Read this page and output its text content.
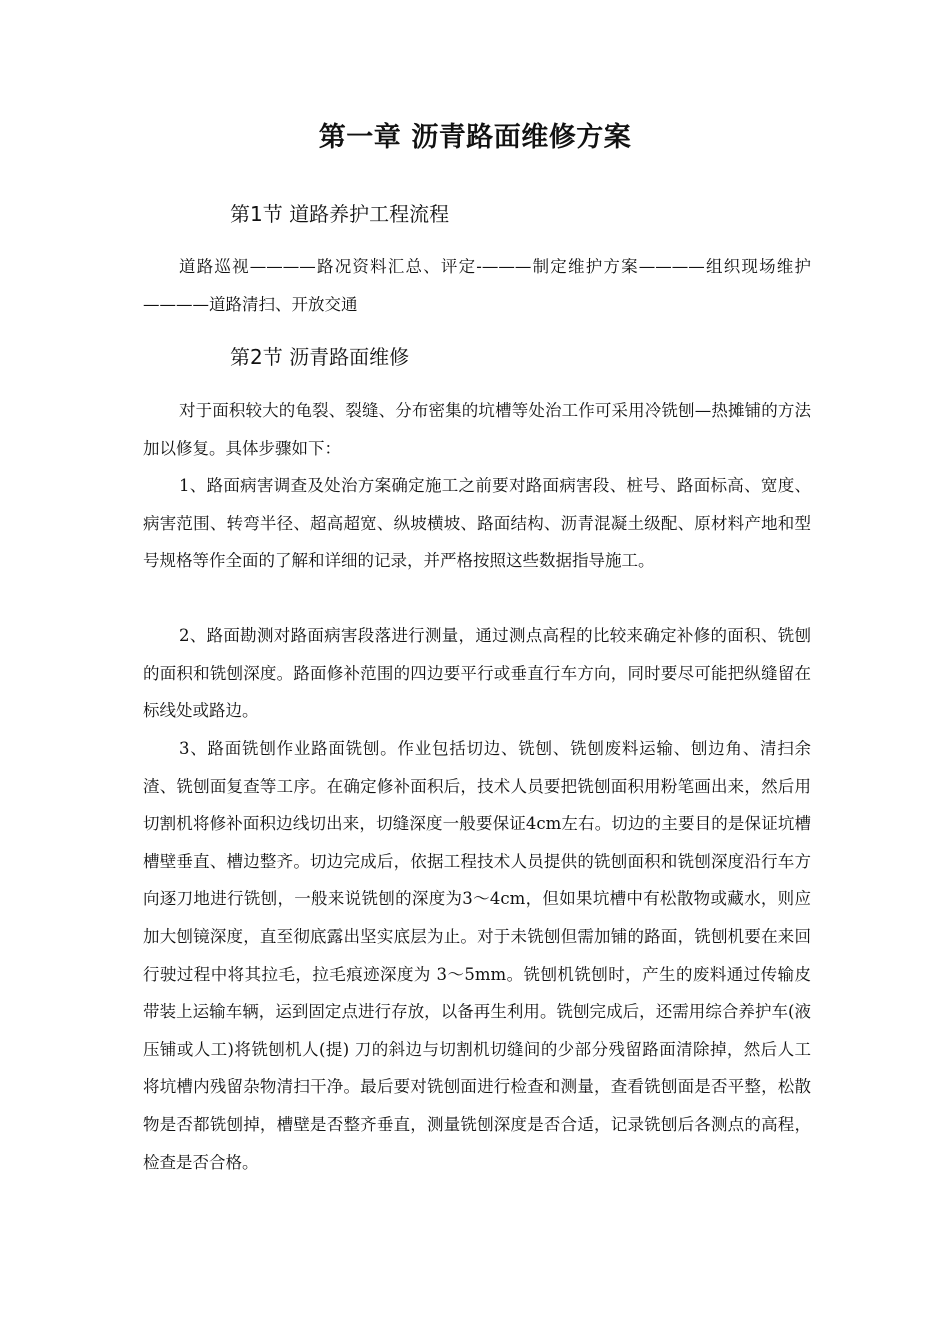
第一章 沥青路面维修方案
第1节 道路养护工程流程

道路巡视————路况资料汇总、评定-———制定维护方案————组织现场维护————道路清扫、开放交通

第2节 沥青路面维修

对于面积较大的龟裂、裂缝、分布密集的坑槽等处治工作可采用冷铣刨—热摊铺的方法加以修复。具体步骤如下：

1、路面病害调查及处治方案确定施工之前要对路面病害段、桩号、路面标高、宽度、病害范围、转弯半径、超高超宽、纵坡横坡、路面结构、沥青混凝土级配、原材料产地和型号规格等作全面的了解和详细的记录，并严格按照这些数据指导施工。

2、路面勘测对路面病害段落进行测量，通过测点高程的比较来确定补修的面积、铣刨的面积和铣刨深度。路面修补范围的四边要平行或垂直行车方向，同时要尽可能把纵缝留在标线处或路边。

3、路面铣刨作业路面铣刨。作业包括切边、铣刨、铣刨废料运输、刨边角、清扫余渣、铣刨面复查等工序。在确定修补面积后，技术人员要把铣刨面积用粉笔画出来，然后用切割机将修补面积边线切出来，切缝深度一般要保证4cm左右。切边的主要目的是保证坑槽槽壁垂直、槽边整齐。切边完成后，依据工程技术人员提供的铣刨面积和铣刨深度沿行车方向逐刀地进行铣刨，一般来说铣刨的深度为3～4cm，但如果坑槽中有松散物或藏水，则应加大刨镜深度，直至彻底露出坚实底层为止。对于未铣刨但需加铺的路面，铣刨机要在来回行驶过程中将其拉毛，拉毛痕迹深度为 3～5mm。铣刨机铣刨时，产生的废料通过传输皮带装上运输车辆，运到固定点进行存放，以备再生利用。铣刨完成后，还需用综合养护车(液压铺或人工)将铣刨机人(提) 刀的斜边与切割机切缝间的少部分残留路面清除掉，然后人工将坑槽内残留杂物清扫干净。最后要对铣刨面进行检查和测量，查看铣刨面是否平整，松散物是否都铣刨掉，槽壁是否整齐垂直，测量铣刨深度是否合适，记录铣刨后各测点的高程，检查是否合格。
